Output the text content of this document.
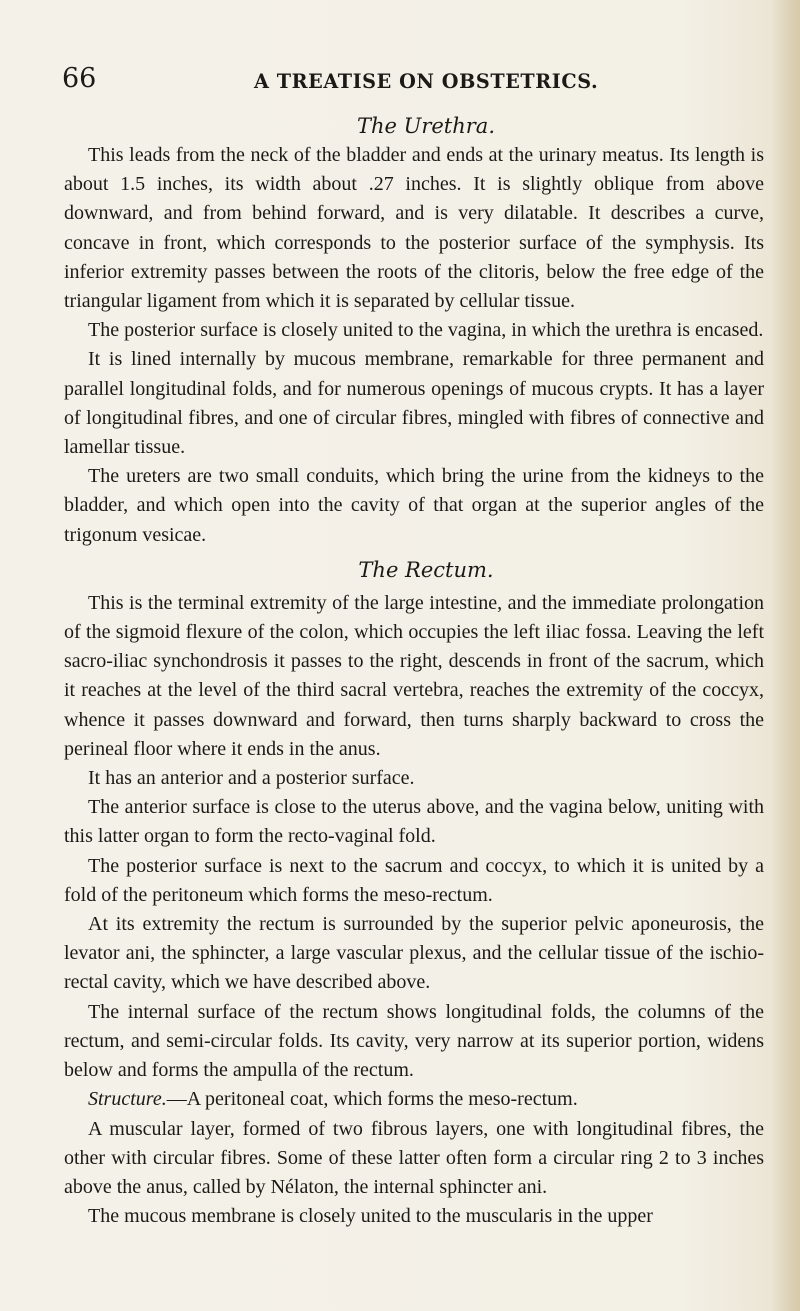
66	A TREATISE ON OBSTETRICS.
The Urethra.

This leads from the neck of the bladder and ends at the urinary meatus. Its length is about 1.5 inches, its width about .27 inches. It is slightly oblique from above downward, and from behind forward, and is very dilatable. It describes a curve, concave in front, which corresponds to the posterior surface of the symphysis. Its inferior extremity passes between the roots of the clitoris, below the free edge of the triangular ligament from which it is separated by cellular tissue.

The posterior surface is closely united to the vagina, in which the urethra is encased.

It is lined internally by mucous membrane, remarkable for three permanent and parallel longitudinal folds, and for numerous openings of mucous crypts. It has a layer of longitudinal fibres, and one of circular fibres, mingled with fibres of connective and lamellar tissue.

The ureters are two small conduits, which bring the urine from the kidneys to the bladder, and which open into the cavity of that organ at the superior angles of the trigonum vesicae.

The Rectum.

This is the terminal extremity of the large intestine, and the immediate prolongation of the sigmoid flexure of the colon, which occupies the left iliac fossa. Leaving the left sacro-iliac synchondrosis it passes to the right, descends in front of the sacrum, which it reaches at the level of the third sacral vertebra, reaches the extremity of the coccyx, whence it passes downward and forward, then turns sharply backward to cross the perineal floor where it ends in the anus.

It has an anterior and a posterior surface.

The anterior surface is close to the uterus above, and the vagina below, uniting with this latter organ to form the recto-vaginal fold.

The posterior surface is next to the sacrum and coccyx, to which it is united by a fold of the peritoneum which forms the meso-rectum.

At its extremity the rectum is surrounded by the superior pelvic aponeurosis, the levator ani, the sphincter, a large vascular plexus, and the cellular tissue of the ischio-rectal cavity, which we have described above.

The internal surface of the rectum shows longitudinal folds, the columns of the rectum, and semi-circular folds. Its cavity, very narrow at its superior portion, widens below and forms the ampulla of the rectum.

Structure.—A peritoneal coat, which forms the meso-rectum.

A muscular layer, formed of two fibrous layers, one with longitudinal fibres, the other with circular fibres. Some of these latter often form a circular ring 2 to 3 inches above the anus, called by Nélaton, the internal sphincter ani.

The mucous membrane is closely united to the muscularis in the upper
